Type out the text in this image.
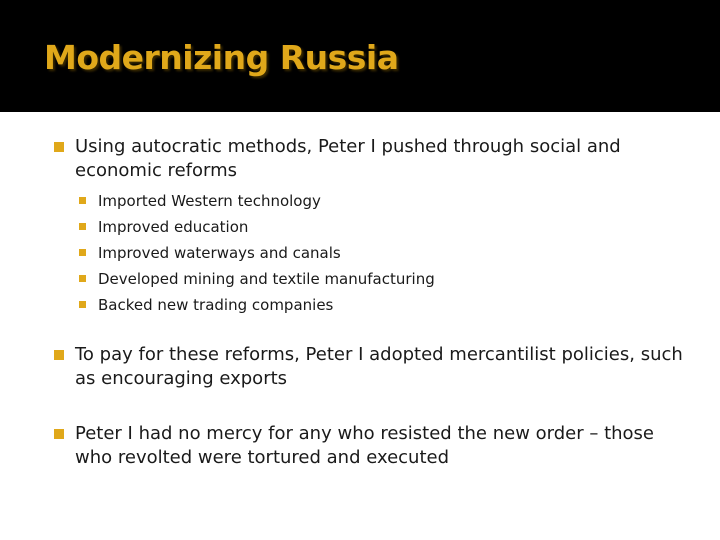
Modernizing Russia

Using autocratic methods, Peter I pushed through social and economic reforms

Imported Western technology
Improved education
Improved waterways and canals
Developed mining and textile manufacturing
Backed new trading companies

To pay for these reforms, Peter I adopted mercantilist policies, such as encouraging exports

Peter I had no mercy for any who resisted the new order – those who revolted were tortured and executed
